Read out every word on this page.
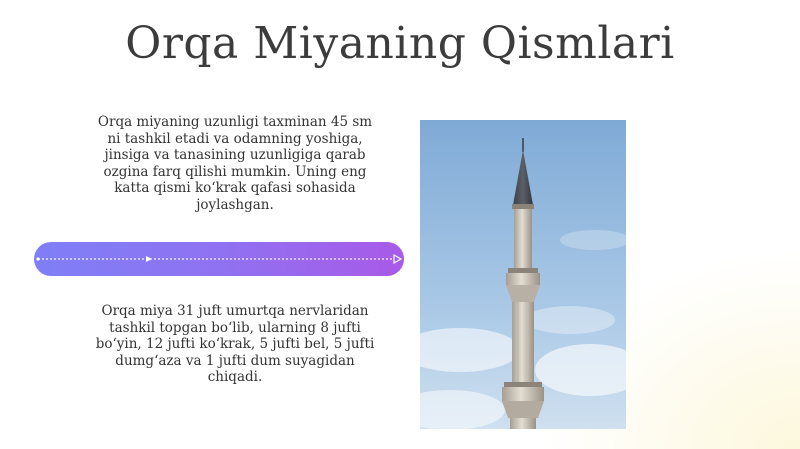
Orqa Miyaning Qismlari
Orqa miyaning uzunligi taxminan 45 sm
ni tashkil etadi va odamning yoshiga,
jinsiga va tanasining uzunligiga qarab
ozgina farq qilishi mumkin. Uning eng
katta qismi ko‘krak qafasi sohasida
joylashgan.
Orqa miya 31 juft umurtqa nervlaridan
tashkil topgan bo‘lib, ularning 8 jufti
bo‘yin, 12 jufti ko‘krak, 5 jufti bel, 5 jufti
dumg‘aza va 1 jufti dum suyagidan
chiqadi.
